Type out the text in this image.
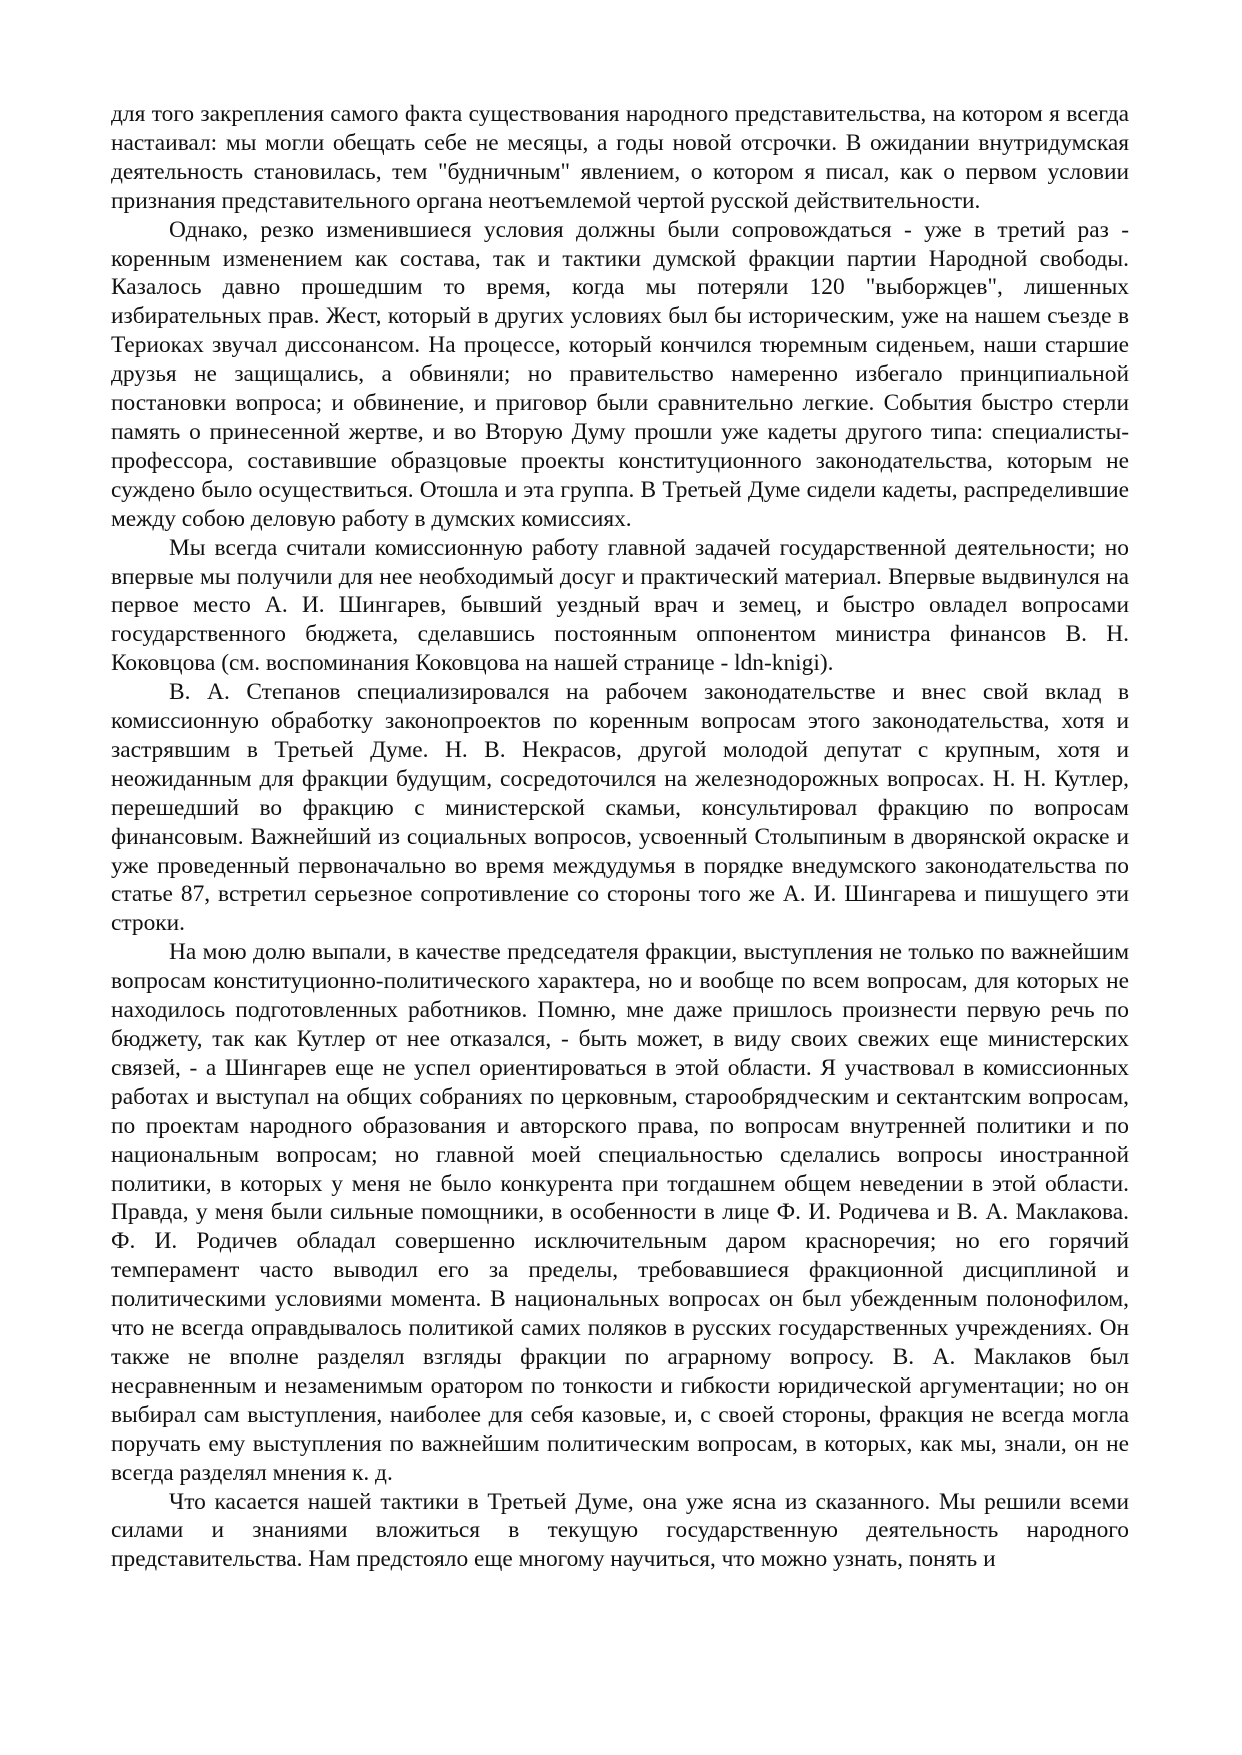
для того закрепления самого факта существования народного представительства, на котором я всегда настаивал: мы могли обещать себе не месяцы, а годы новой отсрочки. В ожидании внутридумская деятельность становилась, тем "будничным" явлением, о котором я писал, как о первом условии признания представительного органа неотъемлемой чертой русской действительности.

Однако, резко изменившиеся условия должны были сопровождаться - уже в третий раз - коренным изменением как состава, так и тактики думской фракции партии Народной свободы. Казалось давно прошедшим то время, когда мы потеряли 120 "выборжцев", лишенных избирательных прав. Жест, который в других условиях был бы историческим, уже на нашем съезде в Териоках звучал диссонансом. На процессе, который кончился тюремным сиденьем, наши старшие друзья не защищались, а обвиняли; но правительство намеренно избегало принципиальной постановки вопроса; и обвинение, и приговор были сравнительно легкие. События быстро стерли память о принесенной жертве, и во Вторую Думу прошли уже кадеты другого типа: специалисты-профессора, составившие образцовые проекты конституционного законодательства, которым не суждено было осуществиться. Отошла и эта группа. В Третьей Думе сидели кадеты, распределившие между собою деловую работу в думских комиссиях.

Мы всегда считали комиссионную работу главной задачей государственной деятельности; но впервые мы получили для нее необходимый досуг и практический материал. Впервые выдвинулся на первое место А. И. Шингарев, бывший уездный врач и земец, и быстро овладел вопросами государственного бюджета, сделавшись постоянным оппонентом министра финансов В. Н. Коковцова (см. воспоминания Коковцова на нашей странице - ldn-knigi).

В. А. Степанов специализировался на рабочем законодательстве и внес свой вклад в комиссионную обработку законопроектов по коренным вопросам этого законодательства, хотя и застрявшим в Третьей Думе. Н. В. Некрасов, другой молодой депутат с крупным, хотя и неожиданным для фракции будущим, сосредоточился на железнодорожных вопросах. Н. Н. Кутлер, перешедший во фракцию с министерской скамьи, консультировал фракцию по вопросам финансовым. Важнейший из социальных вопросов, усвоенный Столыпиным в дворянской окраске и уже проведенный первоначально во время междудумья в порядке внедумского законодательства по статье 87, встретил серьезное сопротивление со стороны того же А. И. Шингарева и пишущего эти строки.

На мою долю выпали, в качестве председателя фракции, выступления не только по важнейшим вопросам конституционно-политического характера, но и вообще по всем вопросам, для которых не находилось подготовленных работников. Помню, мне даже пришлось произнести первую речь по бюджету, так как Кутлер от нее отказался, - быть может, в виду своих свежих еще министерских связей, - а Шингарев еще не успел ориентироваться в этой области. Я участвовал в комиссионных работах и выступал на общих собраниях по церковным, старообрядческим и сектантским вопросам, по проектам народного образования и авторского права, по вопросам внутренней политики и по национальным вопросам; но главной моей специальностью сделались вопросы иностранной политики, в которых у меня не было конкурента при тогдашнем общем неведении в этой области. Правда, у меня были сильные помощники, в особенности в лице Ф. И. Родичева и В. А. Маклакова. Ф. И. Родичев обладал совершенно исключительным даром красноречия; но его горячий темперамент часто выводил его за пределы, требовавшиеся фракционной дисциплиной и политическими условиями момента. В национальных вопросах он был убежденным полонофилом, что не всегда оправдывалось политикой самих поляков в русских государственных учреждениях. Он также не вполне разделял взгляды фракции по аграрному вопросу. В. А. Маклаков был несравненным и незаменимым оратором по тонкости и гибкости юридической аргументации; но он выбирал сам выступления, наиболее для себя казовые, и, с своей стороны, фракция не всегда могла поручать ему выступления по важнейшим политическим вопросам, в которых, как мы, знали, он не всегда разделял мнения к. д.

Что касается нашей тактики в Третьей Думе, она уже ясна из сказанного. Мы решили всеми силами и знаниями вложиться в текущую государственную деятельность народного представительства. Нам предстояло еще многому научиться, что можно узнать, понять и
